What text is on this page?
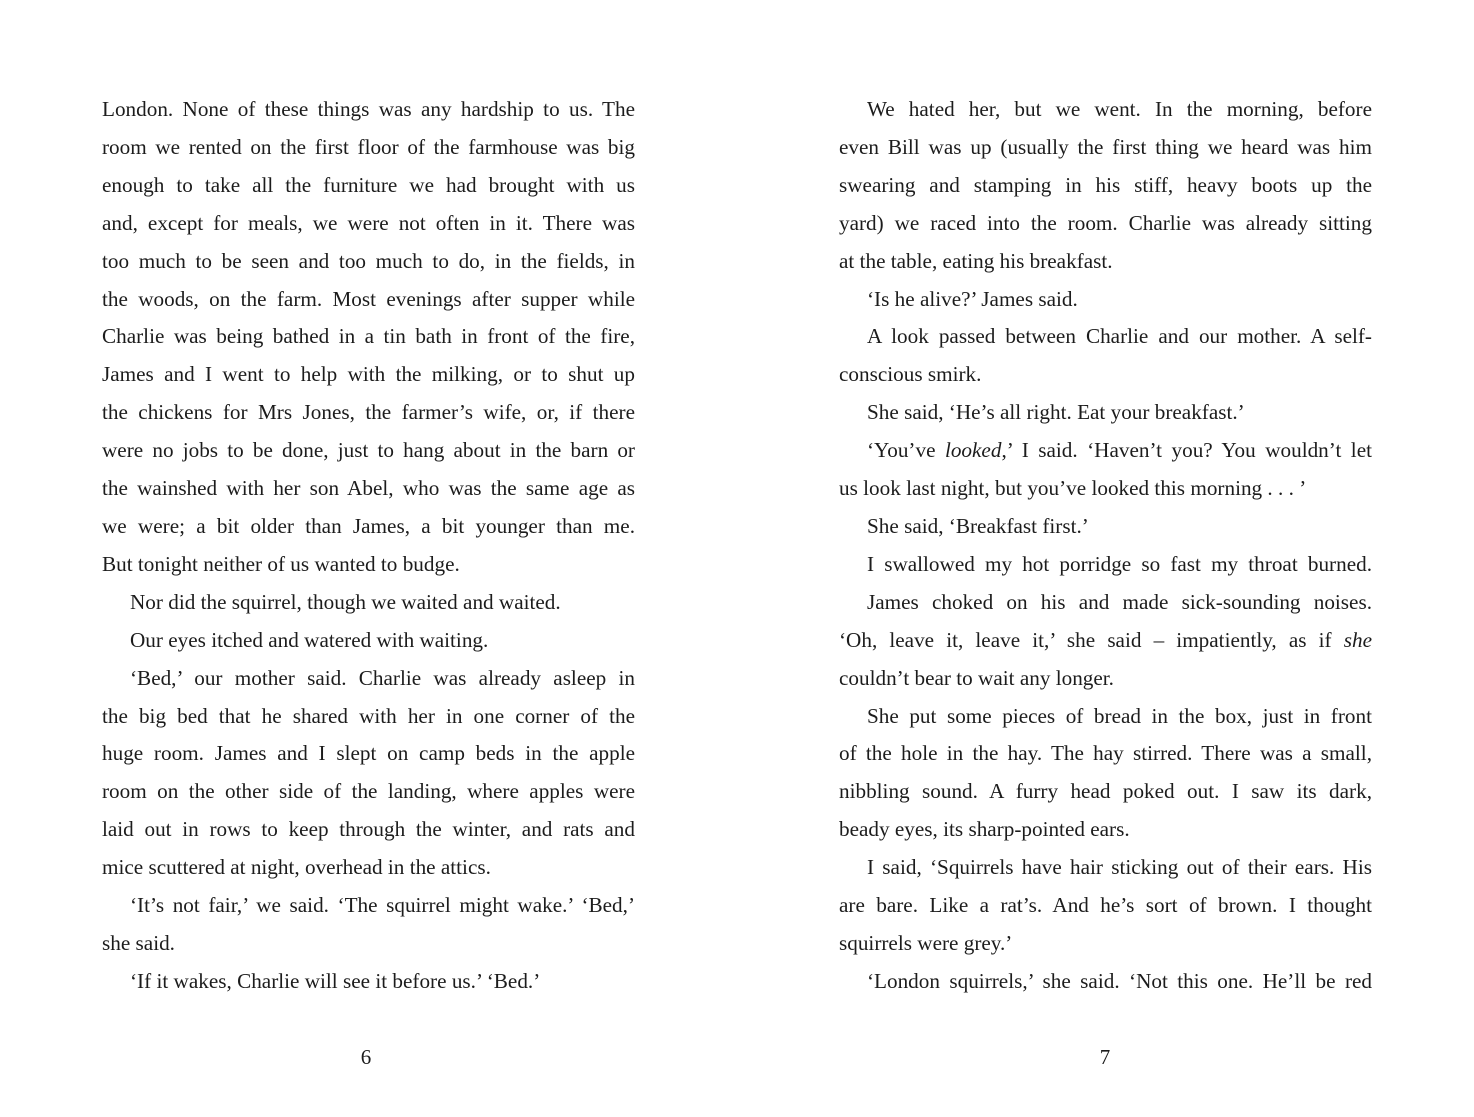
London. None of these things was any hardship to us. The
room we rented on the first floor of the farmhouse was big
enough to take all the furniture we had brought with us
and, except for meals, we were not often in it. There was
too much to be seen and too much to do, in the fields, in
the woods, on the farm. Most evenings after supper while
Charlie was being bathed in a tin bath in front of the fire,
James and I went to help with the milking, or to shut up
the chickens for Mrs Jones, the farmer’s wife, or, if there
were no jobs to be done, just to hang about in the barn or
the wainshed with her son Abel, who was the same age as
we were; a bit older than James, a bit younger than me.
But tonight neither of us wanted to budge.
Nor did the squirrel, though we waited and waited.
Our eyes itched and watered with waiting.
‘Bed,’ our mother said. Charlie was already asleep in
the big bed that he shared with her in one corner of the
huge room. James and I slept on camp beds in the apple
room on the other side of the landing, where apples were
laid out in rows to keep through the winter, and rats and
mice scuttered at night, overhead in the attics.
‘It’s not fair,’ we said. ‘The squirrel might wake.’ ‘Bed,’
she said.
‘If it wakes, Charlie will see it before us.’ ‘Bed.’
6
We hated her, but we went. In the morning, before
even Bill was up (usually the first thing we heard was him
swearing and stamping in his stiff, heavy boots up the
yard) we raced into the room. Charlie was already sitting
at the table, eating his breakfast.
‘Is he alive?’ James said.
A look passed between Charlie and our mother. A self-
conscious smirk.
She said, ‘He’s all right. Eat your breakfast.’
‘You’ve looked,’ I said. ‘Haven’t you? You wouldn’t let
us look last night, but you’ve looked this morning . . . ’
She said, ‘Breakfast first.’
I swallowed my hot porridge so fast my throat burned.
James choked on his and made sick-sounding noises.
‘Oh, leave it, leave it,’ she said – impatiently, as if she
couldn’t bear to wait any longer.
She put some pieces of bread in the box, just in front
of the hole in the hay. The hay stirred. There was a small,
nibbling sound. A furry head poked out. I saw its dark,
beady eyes, its sharp-pointed ears.
I said, ‘Squirrels have hair sticking out of their ears. His
are bare. Like a rat’s. And he’s sort of brown. I thought
squirrels were grey.’
‘London squirrels,’ she said. ‘Not this one. He’ll be red
7
